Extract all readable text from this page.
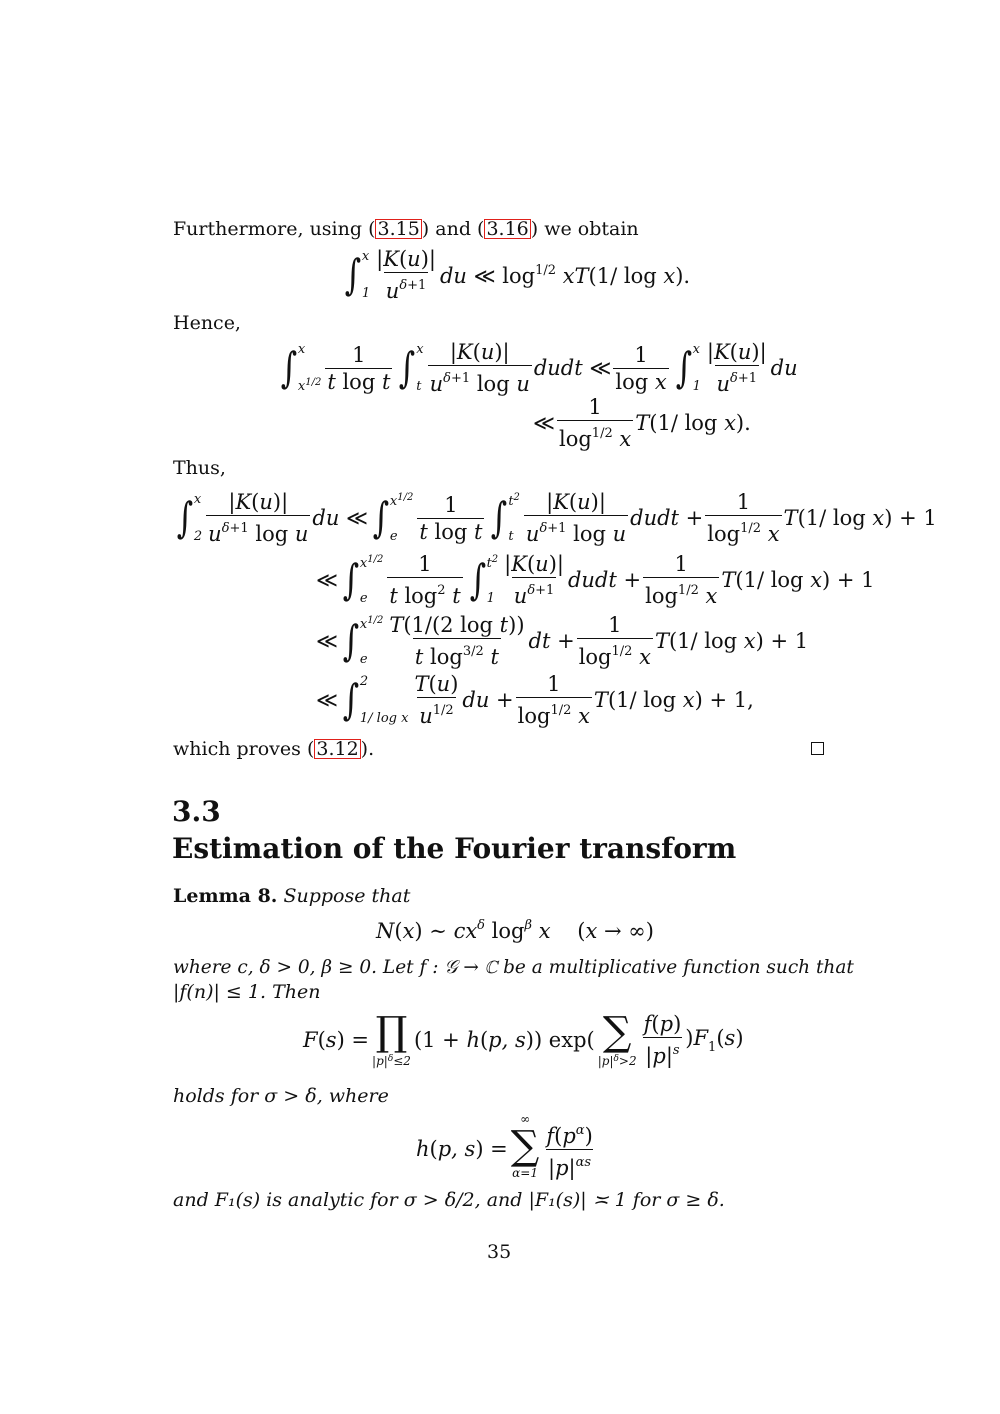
Furthermore, using ( 3.15 ) and ( 3.16 ) we obtain
∫ x
$1 \frac{|K(u)|}{u^{\delta+1}}$ du ≪ $\log^{1/2} xT(1/$ log x).
Hence,
∫ x
$x^{1/2} \frac{1}{\text{t log t}}$ ∫ x
t $\frac{|K(u)|}{u^{\delta+1} \log u}$ dudt ≪ $\frac{1}{\text{log x}}$ ∫ x
$1 \frac{|K(u)|}{u^{\delta+1}}$ du
≪ $\frac{1}{\log^{1/2} x} T(1/$ log x).
Thus,
∫ x
$2 \frac{|K(u)|}{u^{\delta+1} \log u}$ du ≪ ∫ $x^{1/2}$
e $\frac{1}{\text{t log t}}$ ∫ $t^2$
t $\frac{|K(u)|}{u^{\delta+1} \log u}$ dudt + $\frac{1}{\log^{1/2} x} T(1/$ log x) + 1
≪ ∫ $x^{1/2}$
e $\frac{1}{t \log^2 t}$ ∫ $t^2$
$1 \frac{|K(u)|}{u^{\delta+1}}$ dudt + $\frac{1}{\log^{1/2} x} T(1/$ log x) + 1
≪ ∫ $x^{1/2}$
e $\frac{\text{T(1/(2 log t))}}{t \log^{3/2} t}$ dt + $\frac{1}{\log^{1/2} x} T(1/$ log x) + 1
≪ ∫ 2
1/ log x $\frac{T(u)}{u^{1/2}}$ du + $\frac{1}{\log^{1/2} x} T(1/$ log x) + 1,
which proves ( 3.12 ).
3.3
Estimation of the Fourier transform
Lemma 8. Suppose that
N(x) ∼ $cx^\delta$ $\log^\beta x$    (x → ∞)
where c, δ > 0, β ≥ 0. Let f : 𝒢 → ℂ be a multiplicative function such that
|f(n)| ≤ 1. Then
F(s) = ∏
$|p|^\delta\le 2$
(1 + h(p, s)) exp( ∑
$|p|^\delta>2 \frac{f(p)}{|p|^s} )F_1(s)$
holds for σ > δ, where
h(p, s) =
∞
∑
$\alpha=1 \frac{f(p^\alpha)}{|p|^{\alpha s}}$
and F₁(s) is analytic for σ > δ/2, and |F₁(s)| ≍ 1 for σ ≥ δ.
35
